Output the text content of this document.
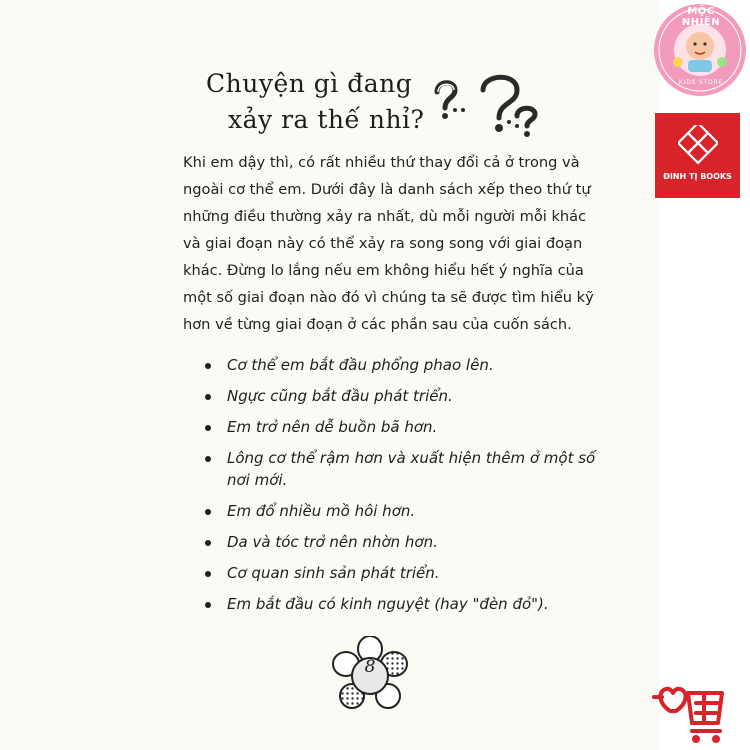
Chuyện gì đang
xảy ra thế nhỉ?

Khi em dậy thì, có rất nhiều thứ thay đổi cả ở trong và ngoài cơ thể em. Dưới đây là danh sách xếp theo thứ tự những điều thường xảy ra nhất, dù mỗi người mỗi khác và giai đoạn này có thể xảy ra song song với giai đoạn khác. Đừng lo lắng nếu em không hiểu hết ý nghĩa của một số giai đoạn nào đó vì chúng ta sẽ được tìm hiểu kỹ hơn về từng giai đoạn ở các phần sau của cuốn sách.

Cơ thể em bắt đầu phổng phao lên.
Ngực cũng bắt đầu phát triển.
Em trở nên dễ buồn bã hơn.
Lông cơ thể rậm hơn và xuất hiện thêm ở một số nơi mới.
Em đổ nhiều mồ hôi hơn.
Da và tóc trở nên nhờn hơn.
Cơ quan sinh sản phát triển.
Em bắt đầu có kinh nguyệt (hay "đèn đỏ").
8
MỘC NHIÊN
KIDS STORE
ĐINH TỊ BOOKS
